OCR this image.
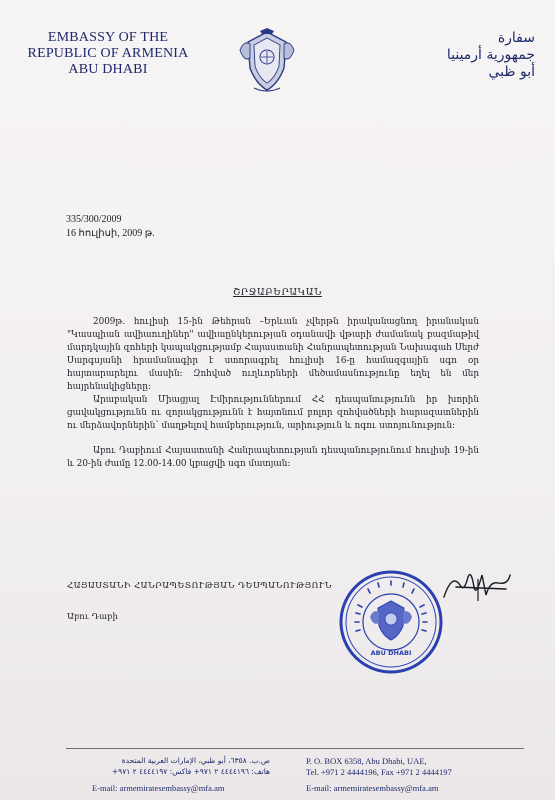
EMBASSY OF THE
REPUBLIC OF ARMENIA
ABU DHABI
سفارة
جمهورية أرمينيا
أبو ظبي
335/300/2009
16 հուլիսի, 2009 թ.
ՇՐՋԱԲԵՐԱԿԱՆ

2009թ. հուլիսի 15-ին Թեհրան –Երևան չվերթն իրականացնող իրանական "Կասպիան ավիաուղիներ" ավիաընկերության օդանավի վթարի ժամանակ բազմաթիվ մարդկային զոհերի կապակցությամբ Հայաստանի Հանրապետության Նախագահ Սերժ Սարգսյանի հրամանագիր է ստորագրել հուլիսի 16-ը համազգային սգո օր հայտարարելու մասին: Զոհված ուղևորների մեծամասնությունը եղել են մեր հայրենակիցները:

Արաբական Միացյալ Էմիրություններում ՀՀ դեսպանությունն իր խորին ցավակցությունն ու զորակցությունն է հայտնում բոլոր զոհվածների հարազատներին ու մերձավորներին՝ մաղթելով համբերություն, արիություն և ոգու ստոյունություն:

Աբու Դաբիում Հայաստանի Հանրապետության դեսպանությունում հուլիսի 19-ին և 20-ին ժամը 12.00-14.00 կբացվի սգո մատյան:

ՀԱՅԱՍՏԱՆԻ ՀԱՆՐԱՊԵՏՈՒԹՅԱՆ ԴԵՍՊԱՆՈՒԹՅՈՒՆ
Աբու Դաբի
ABU DHABI
ص.ب. ٦٣٥٨، أبو ظبي، الإمارات العربية المتحدة
هاتف: ٤٤٤٤١٩٦ ٢ ٩٧١+ فاكس: ٤٤٤٤١٩٧ ٢ ٩٧١+
P. O. BOX 6358, Abu Dhabi, UAE,
Tel. +971 2 4444196, Fax +971 2 4444197
E-mail: armemiratesembassy@mfa.am	E-mail: armemiratesembassy@mfa.am
